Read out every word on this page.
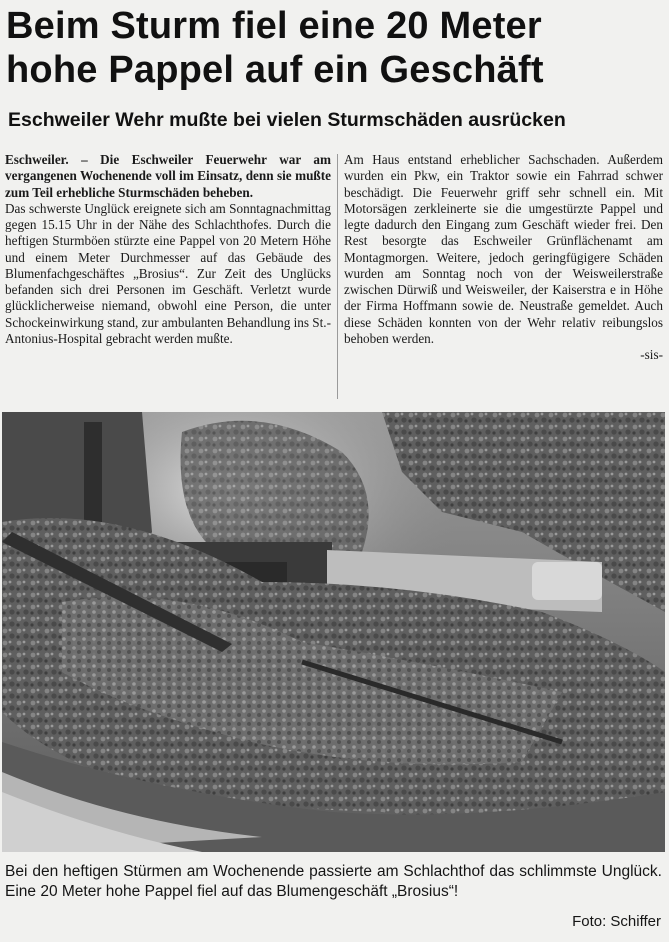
Beim Sturm fiel eine 20 Meter
hohe Pappel auf ein Geschäft
Eschweiler Wehr mußte bei vielen Sturmschäden ausrücken

Eschweiler. – Die Eschweiler Feuerwehr war am vergangenen Wochenende voll im Einsatz, denn sie mußte zum Teil erhebliche Sturmschäden beheben.

Das schwerste Unglück ereignete sich am Sonntagnachmittag gegen 15.15 Uhr in der Nähe des Schlachthofes. Durch die heftigen Sturmböen stürzte eine Pappel von 20 Metern Höhe und einem Meter Durchmesser auf das Gebäude des Blumenfachgeschäftes „Brosius“. Zur Zeit des Unglücks befanden sich drei Personen im Geschäft. Verletzt wurde glücklicherweise niemand, obwohl eine Person, die unter Schockeinwirkung stand, zur ambulanten Behandlung ins St.-Antonius-Hospital gebracht werden mußte.

Am Haus entstand erheblicher Sachschaden. Außerdem wurden ein Pkw, ein Traktor sowie ein Fahrrad schwer beschädigt. Die Feuerwehr griff sehr schnell ein. Mit Motorsägen zerkleinerte sie die umgestürzte Pappel und legte dadurch den Eingang zum Geschäft wieder frei. Den Rest besorgte das Eschweiler Grünflächenamt am Montagmorgen. Weitere, jedoch geringfügigere Schäden wurden am Sonntag noch von der Weisweilerstraße zwischen Dürwiß und Weisweiler, der Kaiserstra e in Höhe der Firma Hoffmann sowie de. Neustraße gemeldet. Auch diese Schäden konnten von der Wehr relativ reibungslos behoben werden.

-sis-

Bei den heftigen Stürmen am Wochenende passierte am Schlachthof das schlimmste Unglück. Eine 20 Meter hohe Pappel fiel auf das Blumengeschäft „Brosius“!
Foto: Schiffer
